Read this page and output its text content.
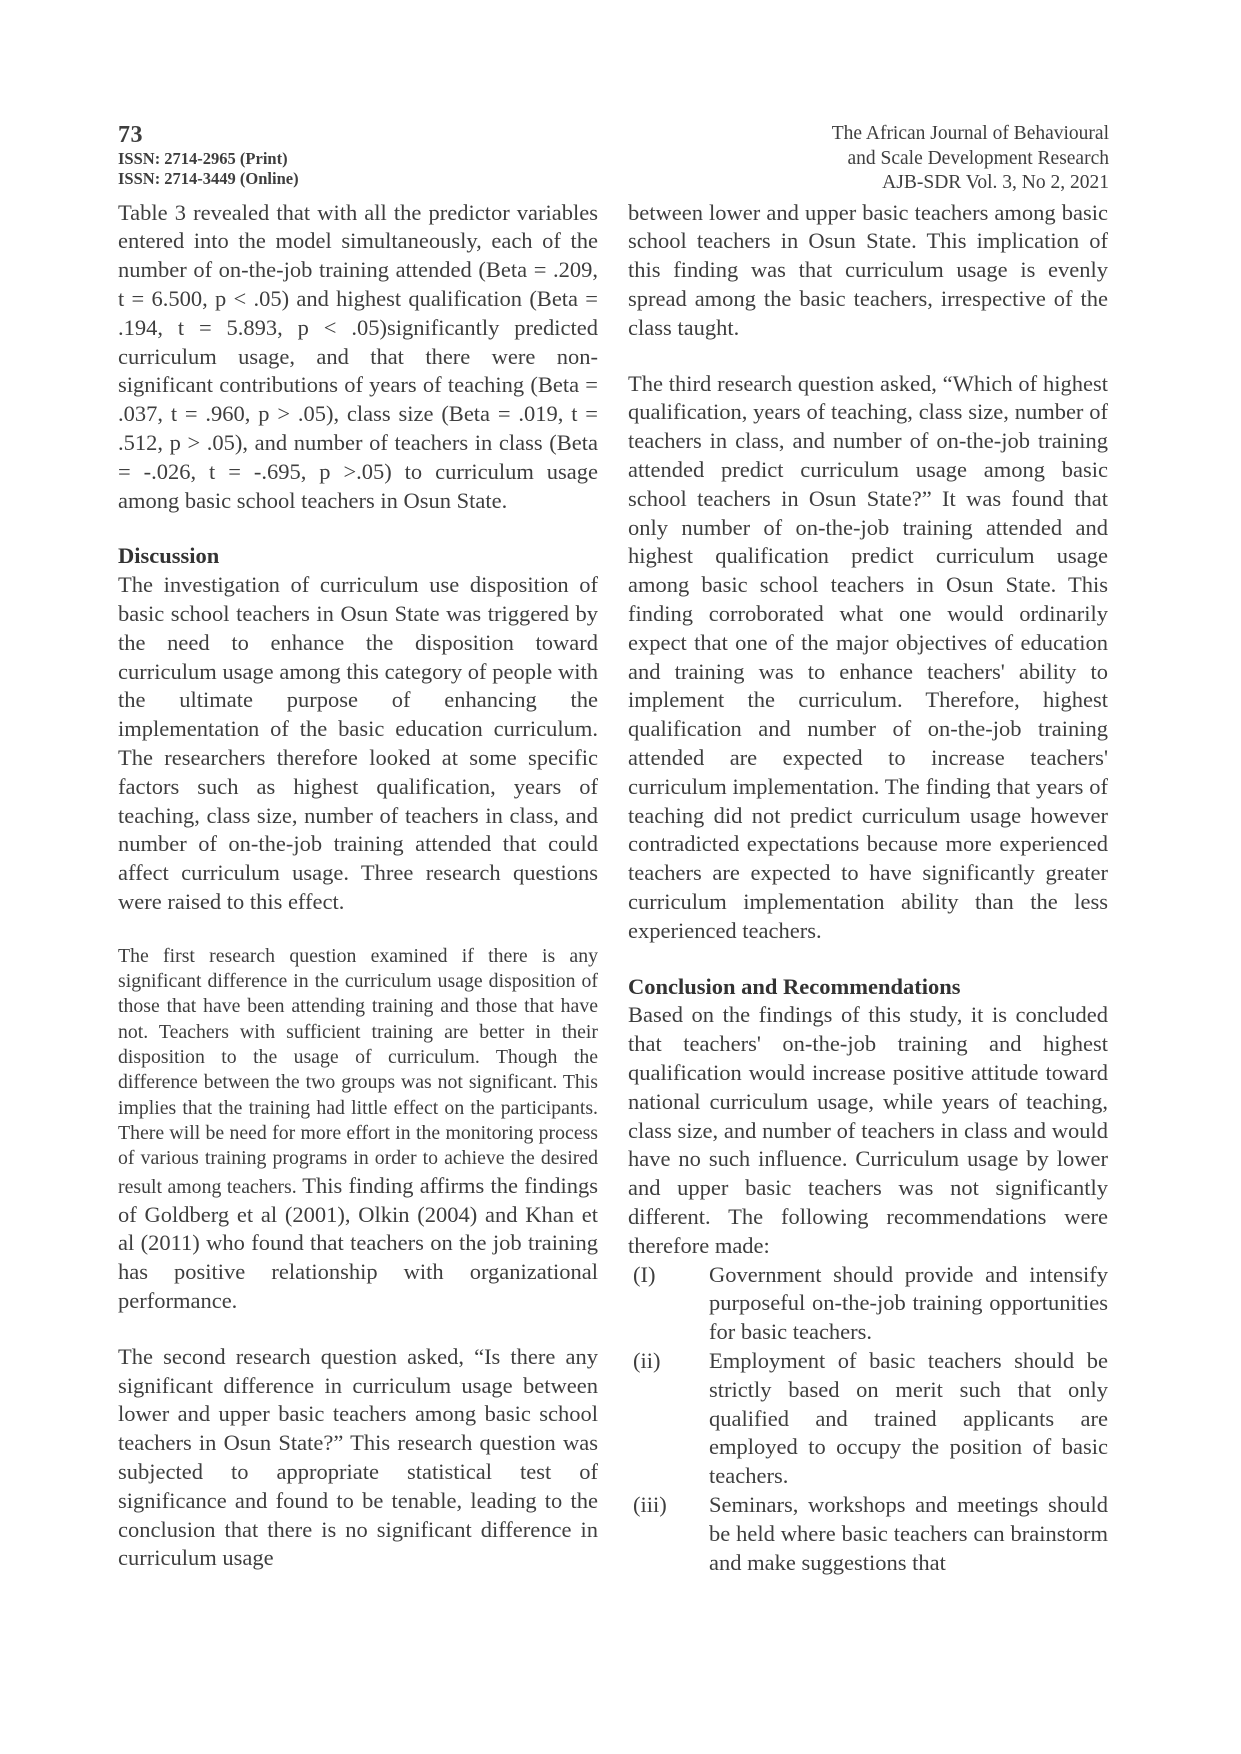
73
ISSN: 2714-2965 (Print)
ISSN: 2714-3449 (Online)
The African Journal of Behavioural
and Scale Development Research
AJB-SDR Vol. 3, No 2, 2021

Table 3 revealed that with all the predictor variables entered into the model simultaneously, each of the number of on-the-job training attended (Beta = .209, t = 6.500, p < .05) and highest qualification (Beta = .194, t = 5.893, p < .05)significantly predicted curriculum usage, and that there were non-significant contributions of years of teaching (Beta = .037, t = .960, p > .05), class size (Beta = .019, t = .512, p > .05), and number of teachers in class (Beta = -.026, t = -.695, p >.05) to curriculum usage among basic school teachers in Osun State.

Discussion

The investigation of curriculum use disposition of basic school teachers in Osun State was triggered by the need to enhance the disposition toward curriculum usage among this category of people with the ultimate purpose of enhancing the implementation of the basic education curriculum. The researchers therefore looked at some specific factors such as highest qualification, years of teaching, class size, number of teachers in class, and number of on-the-job training attended that could affect curriculum usage. Three research questions were raised to this effect.

The first research question examined if there is any significant difference in the curriculum usage disposition of those that have been attending training and those that have not. Teachers with sufficient training are better in their disposition to the usage of curriculum. Though the difference between the two groups was not significant. This implies that the training had little effect on the participants. There will be need for more effort in the monitoring process of various training programs in order to achieve the desired result among teachers. This finding affirms the findings of Goldberg et al (2001), Olkin (2004) and Khan et al (2011) who found that teachers on the job training has positive relationship with organizational performance.

The second research question asked, “Is there any significant difference in curriculum usage between lower and upper basic teachers among basic school teachers in Osun State?” This research question was subjected to appropriate statistical test of significance and found to be tenable, leading to the conclusion that there is no significant difference in curriculum usage

between lower and upper basic teachers among basic school teachers in Osun State. This implication of this finding was that curriculum usage is evenly spread among the basic teachers, irrespective of the class taught.

The third research question asked, “Which of highest qualification, years of teaching, class size, number of teachers in class, and number of on-the-job training attended predict curriculum usage among basic school teachers in Osun State?” It was found that only number of on-the-job training attended and highest qualification predict curriculum usage among basic school teachers in Osun State. This finding corroborated what one would ordinarily expect that one of the major objectives of education and training was to enhance teachers' ability to implement the curriculum. Therefore, highest qualification and number of on-the-job training attended are expected to increase teachers' curriculum implementation. The finding that years of teaching did not predict curriculum usage however contradicted expectations because more experienced teachers are expected to have significantly greater curriculum implementation ability than the less experienced teachers.

Conclusion and Recommendations

Based on the findings of this study, it is concluded that teachers' on-the-job training and highest qualification would increase positive attitude toward national curriculum usage, while years of teaching, class size, and number of teachers in class and would have no such influence. Curriculum usage by lower and upper basic teachers was not significantly different. The following recommendations were therefore made:

(I)	Government should provide and intensify purposeful on-the-job training opportunities for basic teachers.
(ii)	Employment of basic teachers should be strictly based on merit such that only qualified and trained applicants are employed to occupy the position of basic teachers.
(iii)	Seminars, workshops and meetings should be held where basic teachers can brainstorm and make suggestions that
